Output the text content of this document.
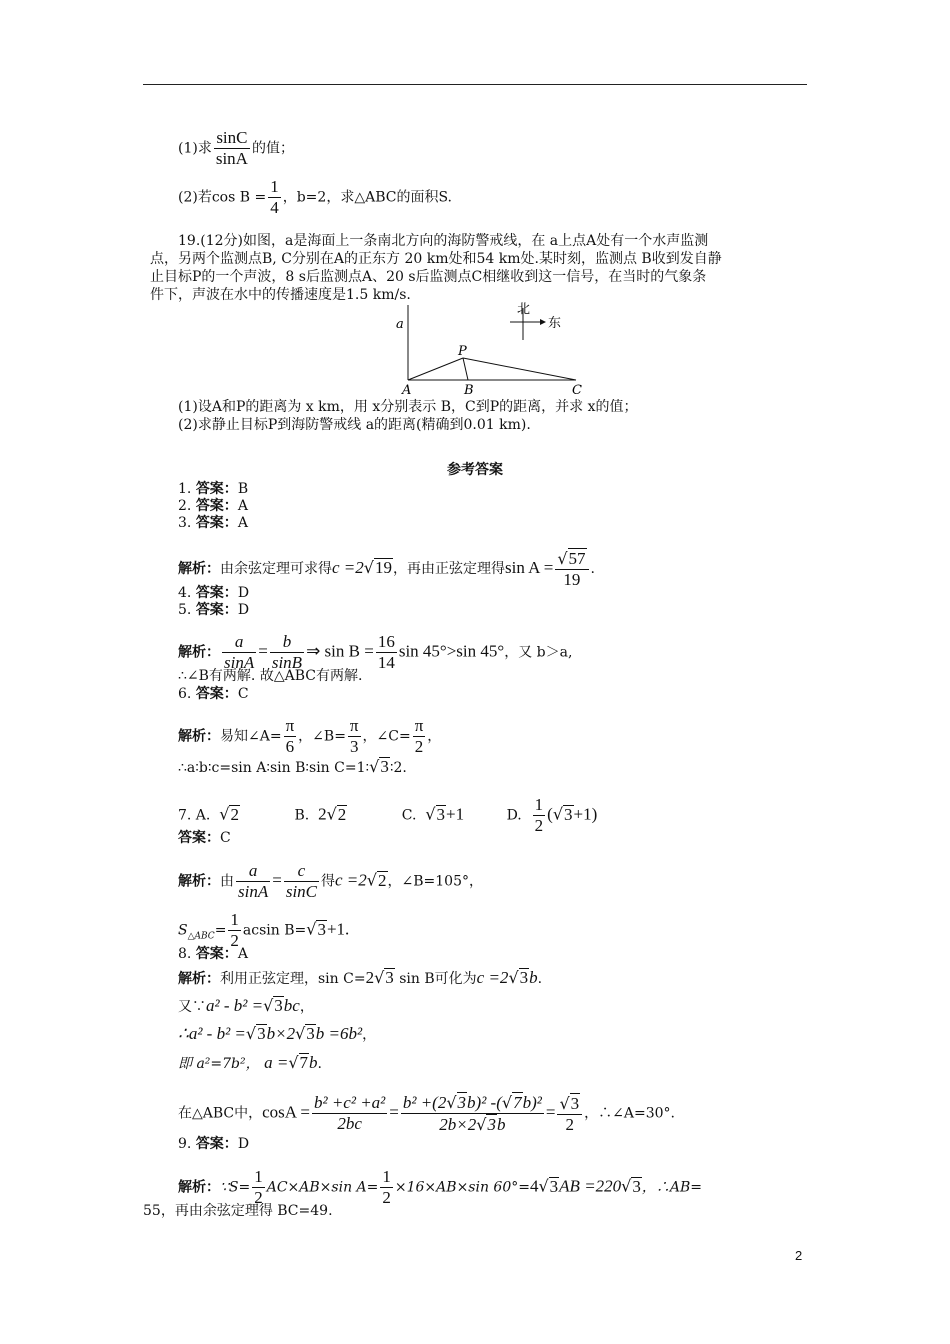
(1)求 $\frac{\sin C}{\sin A}$ 的值；
(2)若$\cos B = \frac{1}{4}$ ，b=2，求△ABC的面积S.
19.(12分)如图，a是海面上一条南北方向的海防警戒线，在 a上点A处有一个水声监测
点，另两个监测点B, C分别在A的正东方 20 km处和54 km处.某时刻，监测点 B收到发自静
止目标P的一个声波，8 s后监测点A、20 s后监测点C相继收到这一信号，在当时的气象条
件下，声波在水中的传播速度是1.5 km/s.
a
P
A	B	C
北
东
(1)设A和P的距离为 x km，用 x分别表示 B，C到P的距离，并求 x的值；
(2)求静止目标P到海防警戒线 a的距离(精确到0.01 km).
参考答案
1. 答案：B
2. 答案：A
3. 答案：A
解析：由余弦定理可求得c =2√19，再由正弦定理得$\sin A = \frac{√57}{19}$ .
4. 答案：D
5. 答案：D
解析： $\frac{a}{\sin A} = \frac{b}{\sin B}$ ⇒ $\sin B = \frac{16}{14}$ sin 45°>sin 45°，又 b＞a,
∴∠B有两解. 故△ABC有两解.
6. 答案：C
解析：易知∠A= $\frac{\pi}{6}$ ，∠B= $\frac{\pi}{3}$ ，∠C= $\frac{\pi}{2}$ ，
∴a∶b∶c=sin A∶sin B∶sin C=1∶√3∶2.
7. A. √2	B. 2√2	C. √3+1	D. $\frac{1}{2} (√3+1)$
答案：C
解析：由 $\frac{a}{\sin A} = \frac{c}{\sin C}$ 得c =2√2，∠B=105°，
$S_{\triangle ABC}= \frac{1}{2}$ acsin B=√3+1.
8. 答案：A
解析：利用正弦定理，sin C=2√3 sin B可化为c =2√3b.
又∵a² - b² =√3bc，
∴a² - b² =√3b×2√3b =6b²，
即 a²=7b²， a =√7b.
在△ABC中，$\cos A = \frac{\text{b² +c² +a²}}{2bc} = \frac{\text{b² +(2√3b)² -(√7b)²}}{2b\times 2√3b} = \frac{√3}{2}$ ，∴∠A=30°.
9. 答案：D
解析：∵S= $\frac{1}{2} AC\times AB\times\sin$ $A= \frac{1}{2} \times 16\times AB\times\sin$ 60°=4√3AB =220√3，∴AB=
55，再由余弦定理得 BC=49.
2
